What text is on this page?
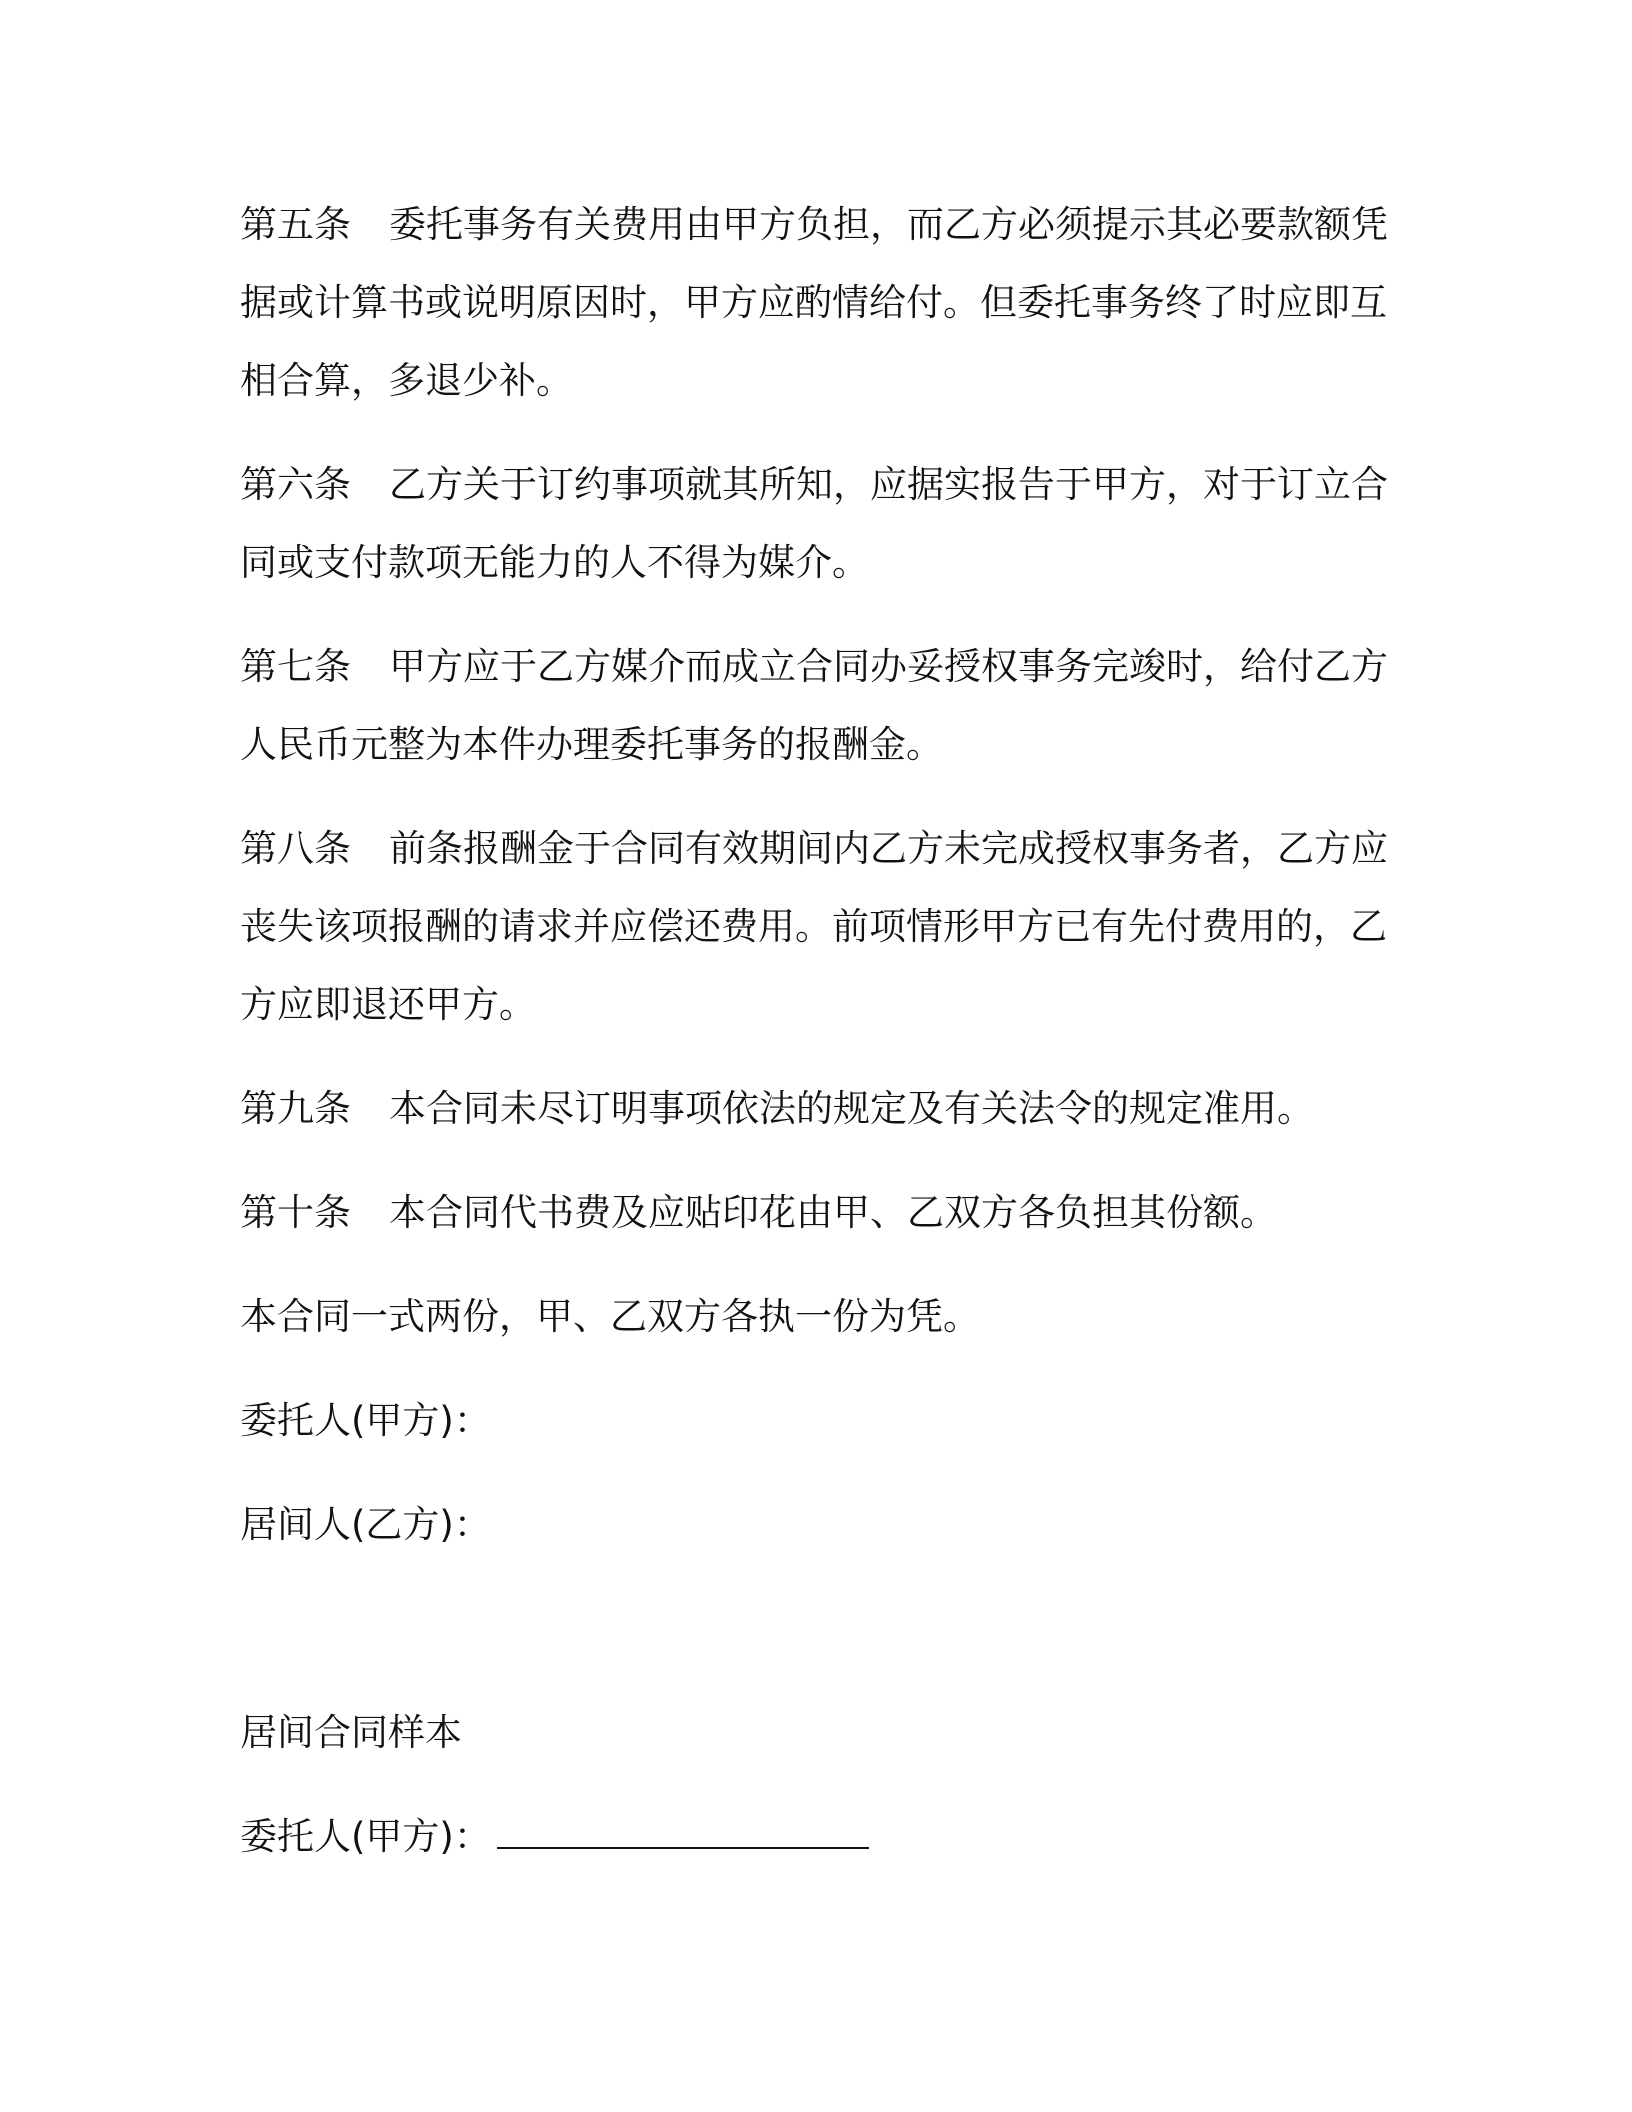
第五条 委托事务有关费用由甲方负担，而乙方必须提示其必要款额凭据或计算书或说明原因时，甲方应酌情给付。但委托事务终了时应即互相合算，多退少补。

第六条 乙方关于订约事项就其所知，应据实报告于甲方，对于订立合同或支付款项无能力的人不得为媒介。

第七条 甲方应于乙方媒介而成立合同办妥授权事务完竣时，给付乙方人民币元整为本件办理委托事务的报酬金。

第八条 前条报酬金于合同有效期间内乙方未完成授权事务者，乙方应丧失该项报酬的请求并应偿还费用。前项情形甲方已有先付费用的，乙方应即退还甲方。

第九条 本合同未尽订明事项依法的规定及有关法令的规定准用。

第十条 本合同代书费及应贴印花由甲、乙双方各负担其份额。

本合同一式两份，甲、乙双方各执一份为凭。

委托人(甲方)：

居间人(乙方)：

居间合同样本

委托人(甲方)：
